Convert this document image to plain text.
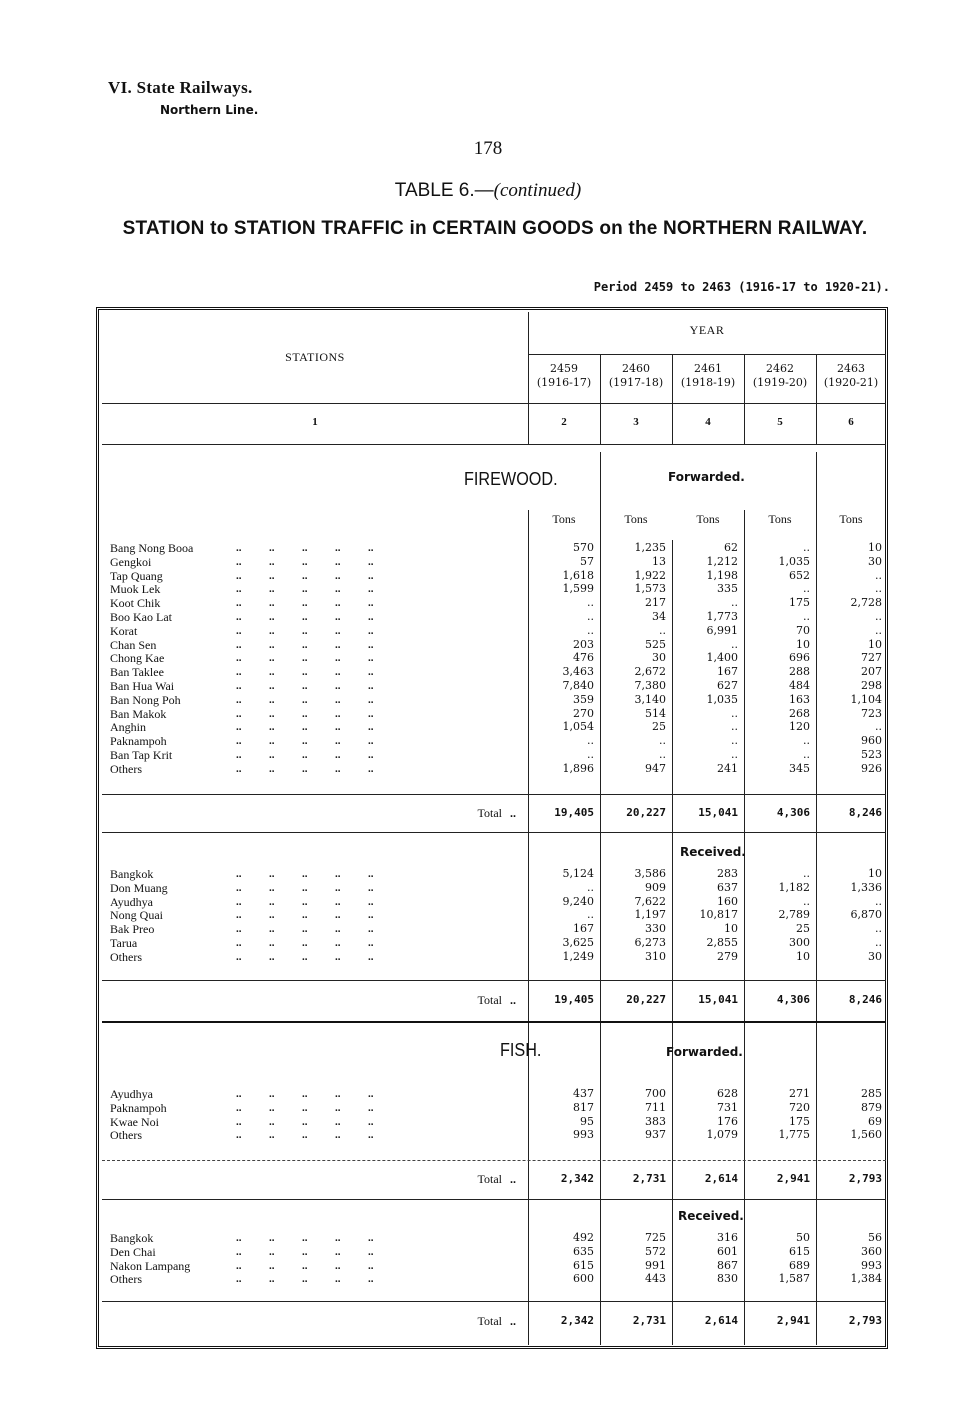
VI. State Railways.
Northern Line.
178
TABLE 6.—(continued)
STATION to STATION TRAFFIC in CERTAIN GOODS on the NORTHERN RAILWAY.
Period 2459 to 2463 (1916-17 to 1920-21).
STATIONS
YEAR
2459
(1916-17)
2460
(1917-18)
2461
(1918-19)
2462
(1919-20)
2463
(1920-21)
1	2	3	4	5	6
FIREWOOD.	Forwarded.
Tons	Tons	Tons	Tons	Tons
Bang Nong Booa	..          ..          ..          ..          ..	570	1,235	62	..	10
Gengkoi	..          ..          ..          ..          ..	57	13	1,212	1,035	30
Tap Quang	..          ..          ..          ..          ..	1,618	1,922	1,198	652	..
Muok Lek	..          ..          ..          ..          ..	1,599	1,573	335	..	..
Koot Chik	..          ..          ..          ..          ..	..	217	..	175	2,728
Boo Kao Lat	..          ..          ..          ..          ..	..	34	1,773	..	..
Korat	..          ..          ..          ..          ..	..	..	6,991	70	..
Chan Sen	..          ..          ..          ..          ..	203	525	..	10	10
Chong Kae	..          ..          ..          ..          ..	476	30	1,400	696	727
Ban Taklee	..          ..          ..          ..          ..	3,463	2,672	167	288	207
Ban Hua Wai	..          ..          ..          ..          ..	7,840	7,380	627	484	298
Ban Nong Poh	..          ..          ..          ..          ..	359	3,140	1,035	163	1,104
Ban Makok	..          ..          ..          ..          ..	270	514	..	268	723
Anghin	..          ..          ..          ..          ..	1,054	25	..	120	..
Paknampoh	..          ..          ..          ..          ..	..	..	..	..	960
Ban Tap Krit	..          ..          ..          ..          ..	..	..	..	..	523
Others	..          ..          ..          ..          ..	1,896	947	241	345	926
Total ..	19,405	20,227	15,041	4,306	8,246
Received.
Bangkok	..          ..          ..          ..          ..	5,124	3,586	283	..	10
Don Muang	..          ..          ..          ..          ..	..	909	637	1,182	1,336
Ayudhya	..          ..          ..          ..          ..	9,240	7,622	160	..	..
Nong Quai	..          ..          ..          ..          ..	..	1,197	10,817	2,789	6,870
Bak Preo	..          ..          ..          ..          ..	167	330	10	25	..
Tarua	..          ..          ..          ..          ..	3,625	6,273	2,855	300	..
Others	..          ..          ..          ..          ..	1,249	310	279	10	30
Total ..	19,405	20,227	15,041	4,306	8,246
FISH.	Forwarded.
Ayudhya	..          ..          ..          ..          ..	437	700	628	271	285
Paknampoh	..          ..          ..          ..          ..	817	711	731	720	879
Kwae Noi	..          ..          ..          ..          ..	95	383	176	175	69
Others	..          ..          ..          ..          ..	993	937	1,079	1,775	1,560
Total ..	2,342	2,731	2,614	2,941	2,793
Received.
Bangkok	..          ..          ..          ..          ..	492	725	316	50	56
Den Chai	..          ..          ..          ..          ..	635	572	601	615	360
Nakon Lampang	..          ..          ..          ..          ..	615	991	867	689	993
Others	..          ..          ..          ..          ..	600	443	830	1,587	1,384
Total ..	2,342	2,731	2,614	2,941	2,793
